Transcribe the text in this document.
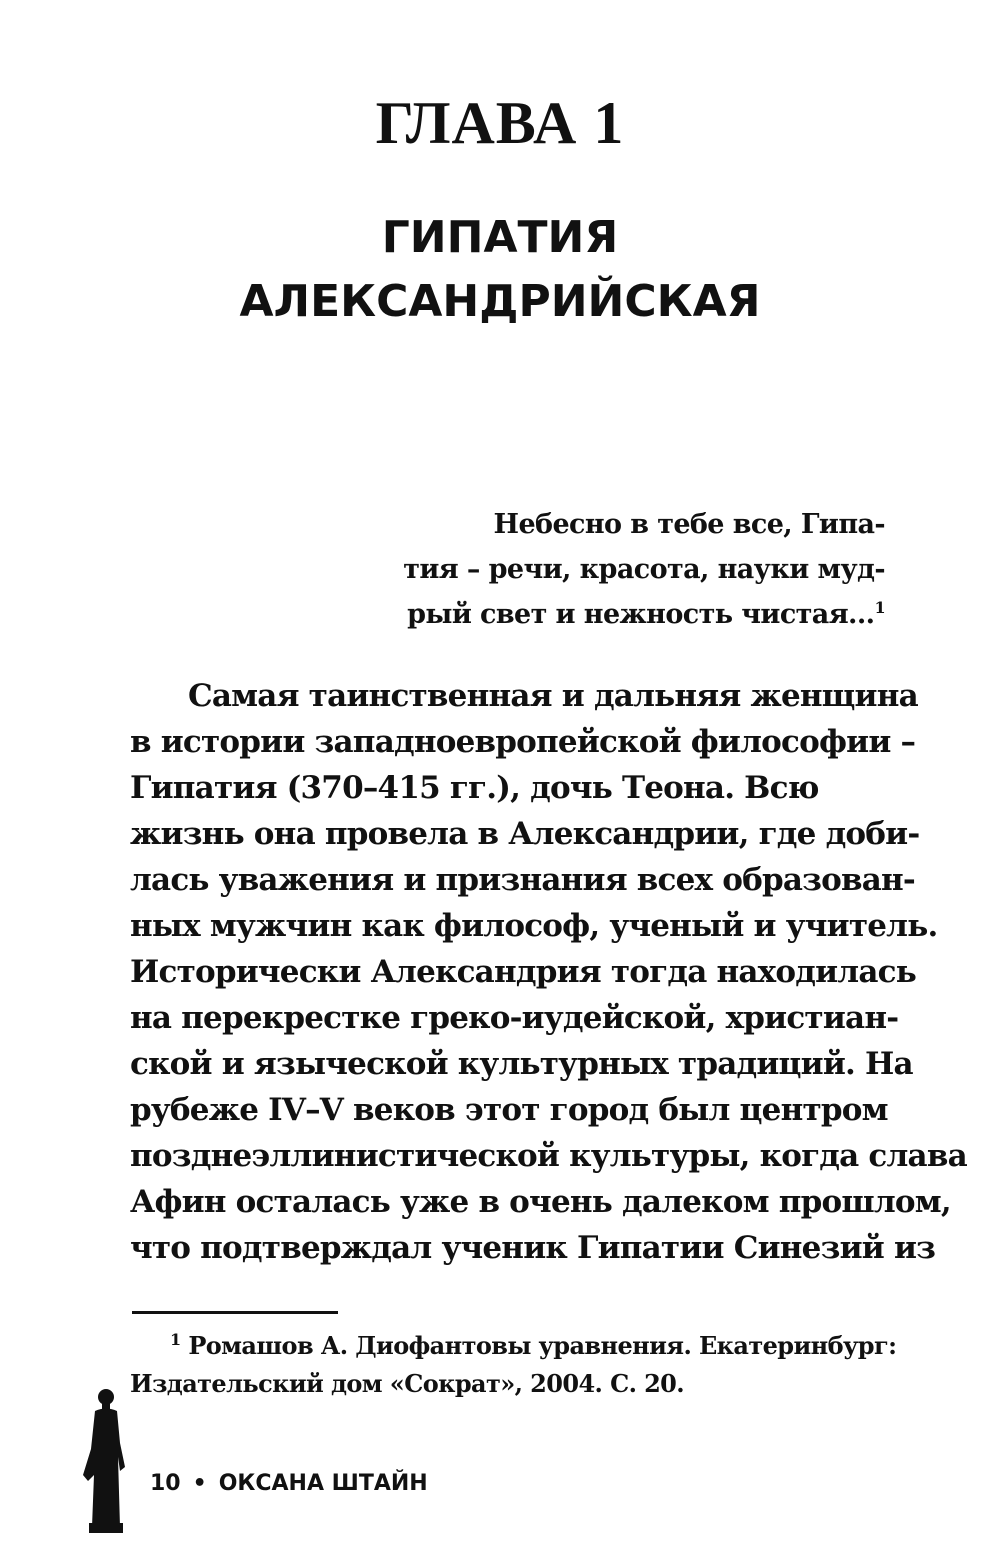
ГЛАВА 1
ГИПАТИЯ
АЛЕКСАНДРИЙСКАЯ
Небесно в тебе все, Гипа-
тия – речи, красота, науки муд-
рый свет и нежность чистая...$^1$
Самая таинственная и дальняя женщина
в истории западноевропейской философии –
Гипатия (370–415 гг.), дочь Теона. Всю
жизнь она провела в Александрии, где доби-
лась уважения и признания всех образован-
ных мужчин как философ, ученый и учитель.
Исторически Александрия тогда находилась
на перекрестке греко-иудейской, христиан-
ской и языческой культурных традиций. На
рубеже IV–V веков этот город был центром
позднеэллинистической культуры, когда слава
Афин осталась уже в очень далеком прошлом,
что подтверждал ученик Гипатии Синезий из
$^1$ Ромашов А. Диофантовы уравнения. Екатеринбург:
Издательский дом «Сократ», 2004. С. 20.
10 • ОКСАНА ШТАЙН
